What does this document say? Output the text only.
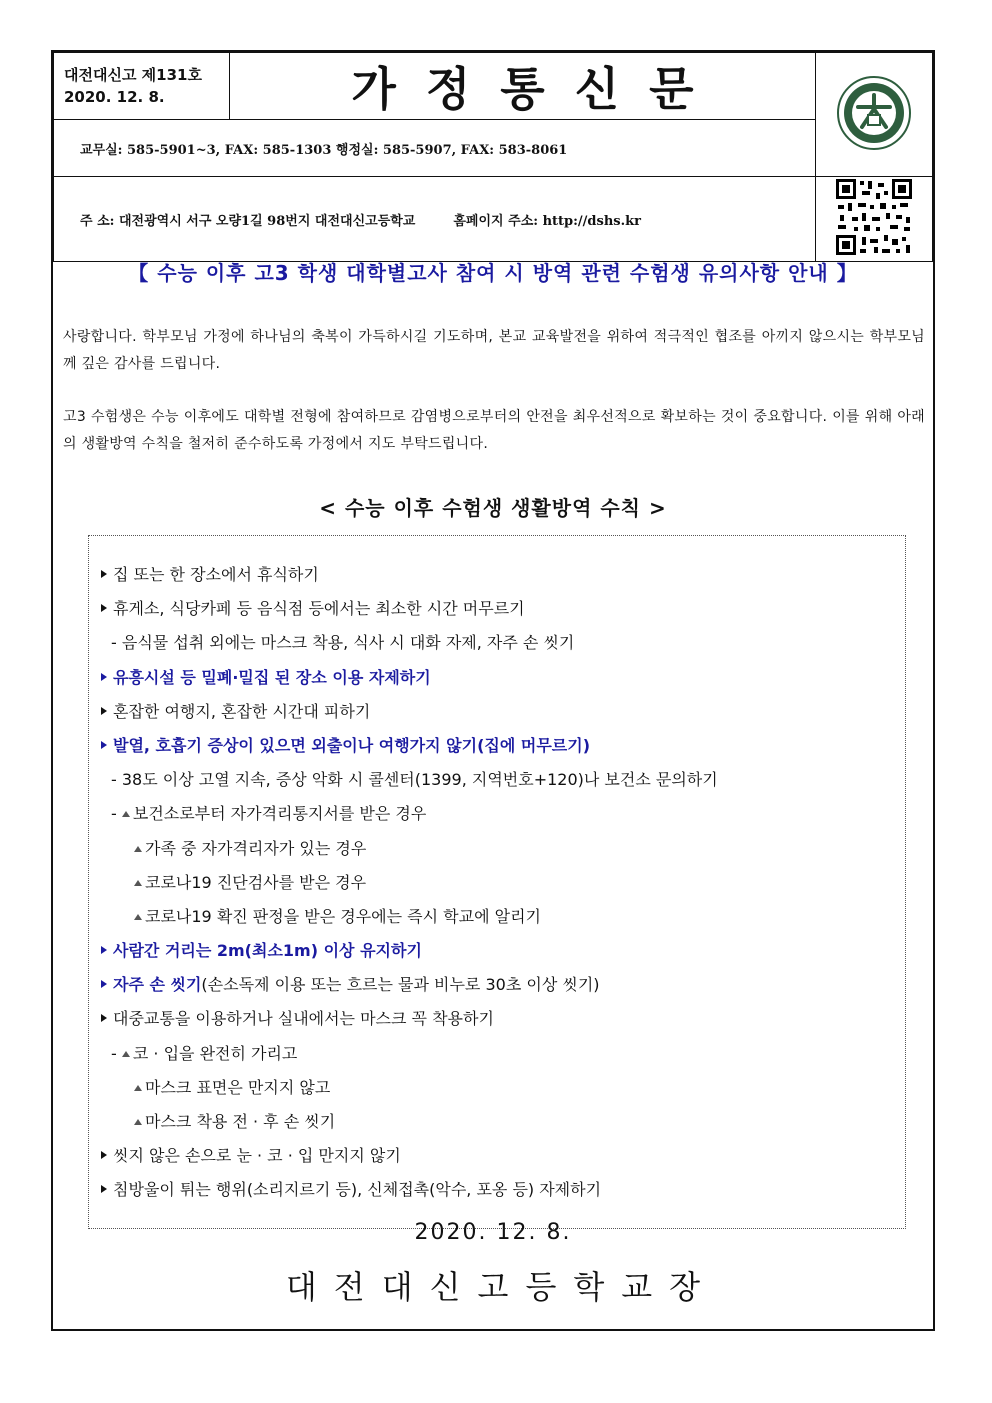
대전대신고 제131호
2020. 12. 8.	가정통신문	
교무실: 585-5901~3, FAX: 585-1303 행정실: 585-5907, FAX: 583-8061		
주 소: 대전광역시 서구 오량1길 98번지 대전대신고등학교 홈페이지 주소: http://dshs.kr	
【 수능 이후 고3 학생 대학별고사 참여 시 방역 관련 수험생 유의사항 안내 】
사랑합니다. 학부모님 가정에 하나님의 축복이 가득하시길 기도하며, 본교 교육발전을 위하여 적극적인 협조를 아끼지 않으시는 학부모님께 깊은 감사를 드립니다.
고3 수험생은 수능 이후에도 대학별 전형에 참여하므로 감염병으로부터의 안전을 최우선적으로 확보하는 것이 중요합니다. 이를 위해 아래의 생활방역 수칙을 철저히 준수하도록 가정에서 지도 부탁드립니다.
< 수능 이후 수험생 생활방역 수칙 >
집 또는 한 장소에서 휴식하기
휴게소, 식당카페 등 음식점 등에서는 최소한 시간 머무르기
- 음식물 섭취 외에는 마스크 착용, 식사 시 대화 자제, 자주 손 씻기
유흥시설 등 밀폐·밀집 된 장소 이용 자제하기
혼잡한 여행지, 혼잡한 시간대 피하기
발열, 호흡기 증상이 있으면 외출이나 여행가지 않기(집에 머무르기)
- 38도 이상 고열 지속, 증상 악화 시 콜센터(1399, 지역번호+120)나 보건소 문의하기
- 보건소로부터 자가격리통지서를 받은 경우
가족 중 자가격리자가 있는 경우
코로나19 진단검사를 받은 경우
코로나19 확진 판정을 받은 경우에는 즉시 학교에 알리기
사람간 거리는 2m(최소1m) 이상 유지하기
자주 손 씻기(손소독제 이용 또는 흐르는 물과 비누로 30초 이상 씻기)
대중교통을 이용하거나 실내에서는 마스크 꼭 착용하기
- 코 · 입을 완전히 가리고
마스크 표면은 만지지 않고
마스크 착용 전 · 후 손 씻기
씻지 않은 손으로 눈 · 코 · 입 만지지 않기
침방울이 튀는 행위(소리지르기 등), 신체접촉(악수, 포옹 등) 자제하기
2020. 12. 8.
대전대신고등학교장
